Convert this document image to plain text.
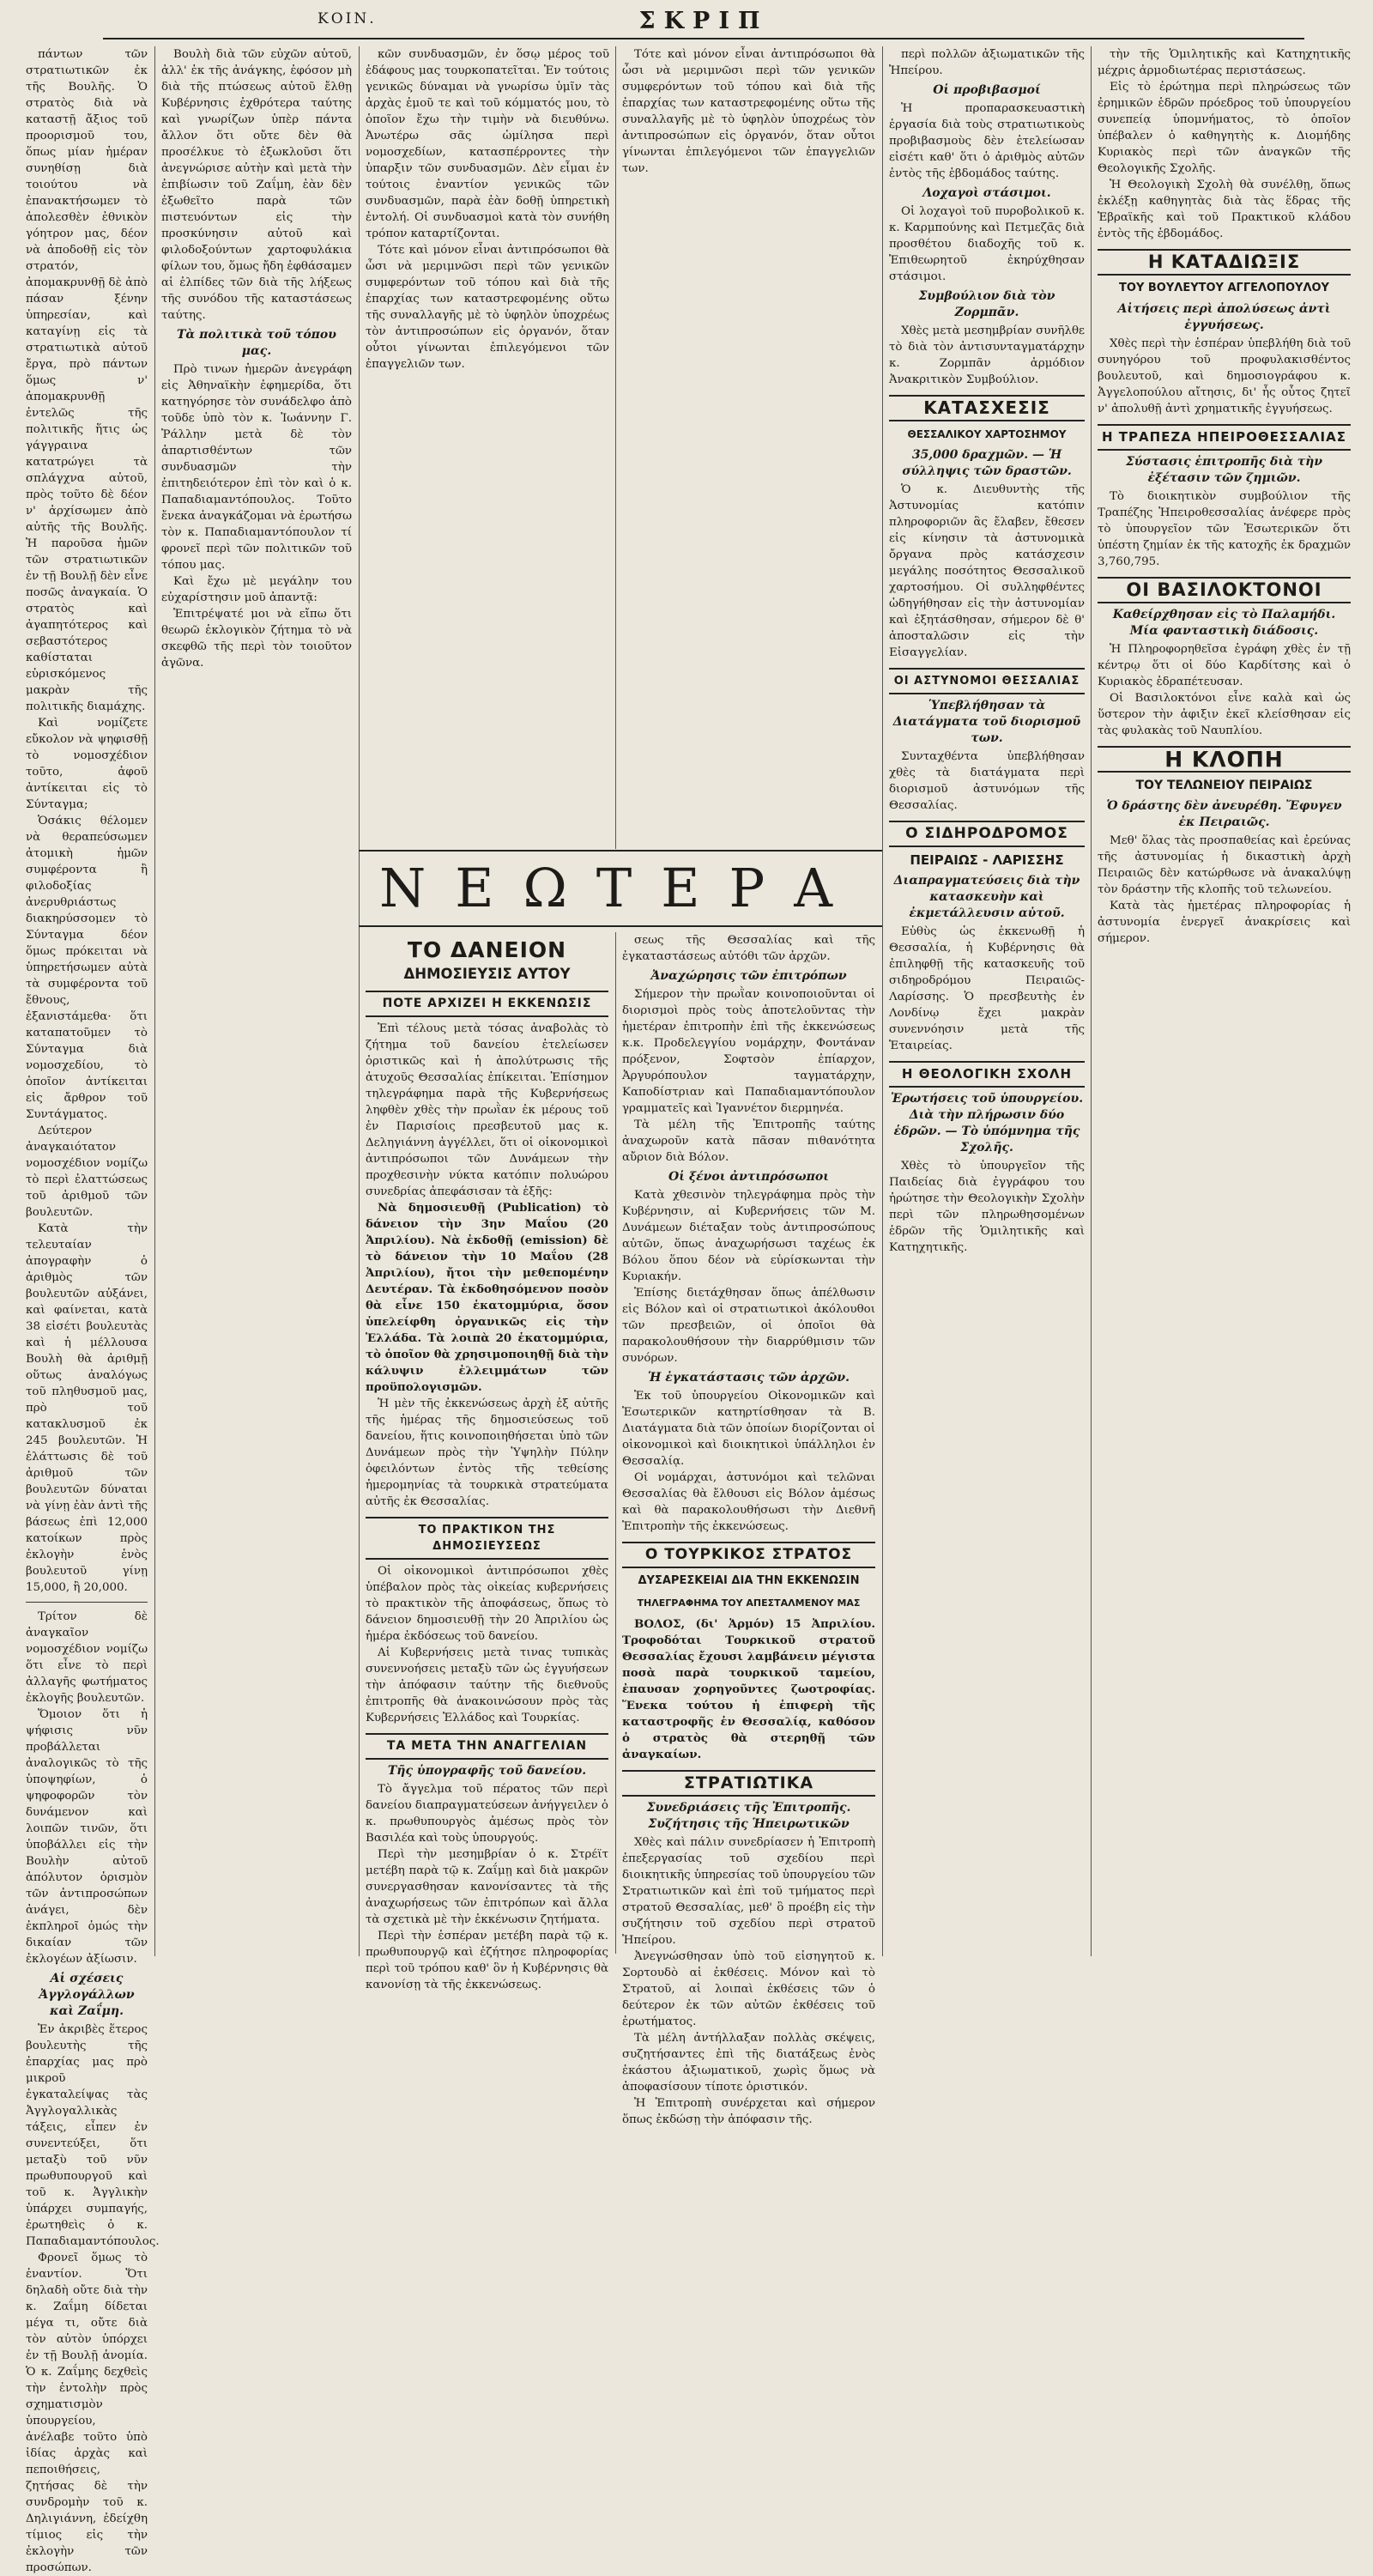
ΚΟΙΝ.	ΣΚΡΙΠ

πάντων τῶν στρατιωτικῶν ἐκ τῆς Βουλῆς. Ὁ στρατὸς διὰ νὰ καταστῇ ἄξιος τοῦ προορισμοῦ του, ὅπως μίαν ἡμέραν συνηθίσῃ διὰ τοιούτου νὰ ἐπανακτήσωμεν τὸ ἀπολεσθὲν ἐθνικὸν γόητρον μας, δέον νὰ ἀποδοθῇ εἰς τὸν στρατόν, ἀπομακρυνθῇ δὲ ἀπὸ πάσαν ξένην ὑπηρεσίαν, καὶ καταγίνῃ εἰς τὰ στρατιωτικὰ αὐτοῦ ἔργα, πρὸ πάντων ὅμως ν' ἀπομακρυνθῇ ἐντελῶς τῆς πολιτικῆς ἥτις ὡς γάγγραινα κατατρώγει τὰ σπλάγχνα αὐτοῦ, πρὸς τοῦτο δὲ δέον ν' ἀρχίσωμεν ἀπὸ αὐτῆς τῆς Βουλῆς. Ἡ παροῦσα ἡμῶν τῶν στρατιωτικῶν ἐν τῇ Βουλῇ δὲν εἶνε ποσῶς ἀναγκαία. Ὁ στρατὸς καὶ ἀγαπητότερος καὶ σεβαστότερος καθίσταται εὑρισκόμενος μακρὰν τῆς πολιτικῆς διαμάχης.

Καὶ νομίζετε εὔκολον νὰ ψηφισθῇ τὸ νομοσχέδιον τοῦτο, ἀφοῦ ἀντίκειται εἰς τὸ Σύνταγμα;

Ὁσάκις θέλομεν νὰ θεραπεύσωμεν ἀτομικὴ ἡμῶν συμφέροντα ἢ φιλοδοξίας ἀνερυθριάστως διακηρύσσομεν τὸ Σύνταγμα δέον ὅμως πρόκειται νὰ ὑπηρετήσωμεν αὐτὰ τὰ συμφέροντα τοῦ ἔθνους, ἐξανιστάμεθα· ὅτι καταπατοῦμεν τὸ Σύνταγμα διὰ νομοσχεδίου, τὸ ὁποῖον ἀντίκειται εἰς ἄρθρον τοῦ Συντάγματος.

Δεύτερον ἀναγκαιότατον νομοσχέδιον νομίζω τὸ περὶ ἐλαττώσεως τοῦ ἀριθμοῦ τῶν βουλευτῶν.

Κατὰ τὴν τελευταίαν ἀπογραφὴν ὁ ἀριθμὸς τῶν βουλευτῶν αὐξάνει, καὶ φαίνεται, κατὰ 38 εἰσέτι βουλευτὰς καὶ ἡ μέλλουσα Βουλὴ θὰ ἀριθμῇ οὕτως ἀναλόγως τοῦ πληθυσμοῦ μας, πρὸ τοῦ κατακλυσμοῦ ἐκ 245 βουλευτῶν. Ἡ ἐλάττωσις δὲ τοῦ ἀριθμοῦ τῶν βουλευτῶν δύναται νὰ γίνῃ ἐὰν ἀντὶ τῆς βάσεως ἐπὶ 12,000 κατοίκων πρὸς ἐκλογὴν ἑνὸς βουλευτοῦ γίνῃ 15,000, ἢ 20,000.

Τρίτον δὲ ἀναγκαῖον νομοσχέδιον νομίζω ὅτι εἶνε τὸ περὶ ἀλλαγῆς φωτήματος ἐκλογῆς βουλευτῶν.

Ὅμοιον ὅτι ἡ ψήφισις νῦν προβάλλεται ἀναλογικῶς τὸ τῆς ὑποψηφίων, ὁ ψηφοφορῶν τὸν δυνάμενον καὶ λοιπῶν τινῶν, ὅτι ὑποβάλλει εἰς τὴν Βουλὴν αὐτοῦ ἀπόλυτον ὁρισμὸν τῶν ἀντιπροσώπων ἀνάγει, δὲν ἐκπληροῖ ὁμώς τὴν δικαίαν τῶν ἐκλογέων ἀξίωσιν.

Αἱ σχέσεις Ἀγγλογάλλων καὶ Ζαΐμη.

Ἐν ἀκριβὲς ἕτερος βουλευτὴς τῆς ἐπαρχίας μας πρὸ μικροῦ ἐγκαταλείψας τὰς Ἀγγλογαλλικὰς τάξεις, εἶπεν ἐν συνεντεύξει, ὅτι μεταξὺ τοῦ νῦν πρωθυπουργοῦ καὶ τοῦ κ. Ἀγγλικὴν ὑπάρχει συμπαγής, ἐρωτηθεὶς ὁ κ. Παπαδιαμαντόπουλος.

Φρονεῖ ὅμως τὸ ἐναντίον. Ὅτι δηλαδὴ οὔτε διὰ τὴν κ. Ζαΐμη δίδεται μέγα τι, οὔτε διὰ τὸν αὐτὸν ὑπόρχει ἐν τῇ Βουλῇ ἀνομία. Ὁ κ. Ζαΐμης δεχθεὶς τὴν ἐντολὴν πρὸς σχηματισμὸν ὑπουργείου, ἀνέλαβε τοῦτο ὑπὸ ἰδίας ἀρχὰς καὶ πεποιθήσεις, ζητήσας δὲ τὴν συνδρομὴν τοῦ κ. Δηλιγιάννη, ἐδείχθη τίμιος εἰς τὴν ἐκλογὴν τῶν προσώπων.

Βουλὴ διὰ τῶν εὐχῶν αὐτοῦ, ἀλλ' ἐκ τῆς ἀνάγκης, ἐφόσον μὴ διὰ τῆς πτώσεως αὐτοῦ ἔλθῃ Κυβέρνησις ἐχθρότερα ταύτης καὶ γνωρίζων ὑπὲρ πάντα ἄλλον ὅτι οὔτε δὲν θὰ προσέλκυε τὸ ἐξωκλοῦσι ὅτι ἀνεγνώρισε αὐτὴν καὶ μετὰ τὴν ἐπιβίωσιν τοῦ Ζαΐμη, ἐὰν δὲν ἐξωθεῖτο παρὰ τῶν πιστευόντων εἰς τὴν προσκύνησιν αὐτοῦ καὶ φιλοδοξούντων χαρτοφυλάκια φίλων του, ὅμως ἤδη ἐφθάσαμεν αἱ ἐλπίδες τῶν διὰ τῆς λήξεως τῆς συνόδου τῆς καταστάσεως ταύτης.

Τὰ πολιτικὰ τοῦ τόπου μας.

Πρὸ τινων ἡμερῶν ἀνεγράφη εἰς Ἀθηναϊκὴν ἐφημερίδα, ὅτι κατηγόρησε τὸν συνάδελφο ἀπὸ τοῦδε ὑπὸ τὸν κ. Ἰωάννην Γ. Ῥάλλην μετὰ δὲ τὸν ἀπαρτισθέντων τῶν συνδυασμῶν τὴν ἐπιτηδειότερον ἐπὶ τὸν καὶ ὁ κ. Παπαδιαμαντόπουλος. Τοῦτο ἔνεκα ἀναγκάζομαι νὰ ἐρωτήσω τὸν κ. Παπαδιαμαντόπουλον τί φρονεῖ περὶ τῶν πολιτικῶν τοῦ τόπου μας.

Καὶ ἔχω μὲ μεγάλην του εὐχαρίστησιν μοῦ ἀπαντᾷ:

Ἐπιτρέψατέ μοι νὰ εἴπω ὅτι θεωρῶ ἐκλογικὸν ζήτημα τὸ νὰ σκεφθῶ τῆς περὶ τὸν τοιοῦτον ἀγῶνα.

κῶν συνδυασμῶν, ἐν ὅσῳ μέρος τοῦ ἐδάφους μας τουρκοπατεῖται. Ἐν τούτοις γενικῶς δύναμαι νὰ γνωρίσω ὑμῖν τὰς ἀρχὰς ἐμοῦ τε καὶ τοῦ κόμματός μου, τὸ ὁποῖον ἔχω τὴν τιμὴν νὰ διευθύνω. Ἀνωτέρω σᾶς ὡμίλησα περὶ νομοσχεδίων, κατασπέρροντες τὴν ὑπαρξιν τῶν συνδυασμῶν. Δὲν εἶμαι ἐν τούτοις ἐναντίον γενικῶς τῶν συνδυασμῶν, παρὰ ἐὰν δοθῇ ὑπηρετικὴ ἐντολή. Οἱ συνδυασμοὶ κατὰ τὸν συνήθη τρόπον καταρτίζονται.

Τότε καὶ μόνον εἶναι ἀντιπρόσωποι θὰ ὦσι νὰ μεριμνῶσι περὶ τῶν γενικῶν συμφερόντων τοῦ τόπου καὶ διὰ τῆς ἐπαρχίας των καταστρεφομένης οὕτω τῆς συναλλαγῆς μὲ τὸ ὑφηλὸν ὑποχρέως τὸν ἀντιπροσώπων εἰς ὀργανόν, ὅταν οὗτοι γίνωνται ἐπιλεγόμενοι τῶν ἐπαγγελιῶν των.

Τότε καὶ μόνον εἶναι ἀντιπρόσωποι θὰ ὦσι νὰ μεριμνῶσι περὶ τῶν γενικῶν συμφερόντων τοῦ τόπου καὶ διὰ τῆς ἐπαρχίας των καταστρεφομένης οὕτω τῆς συναλλαγῆς μὲ τὸ ὑφηλὸν ὑποχρέως τὸν ἀντιπροσώπων εἰς ὀργανόν, ὅταν οὗτοι γίνωνται ἐπιλεγόμενοι τῶν ἐπαγγελιῶν των.

ΝΕΩΤΕΡΑ
ΤΟ ΔΑΝΕΙΟΝ
ΔΗΜΟΣΙΕΥΣΙΣ ΑΥΤΟΥ
ΠΟΤΕ ΑΡΧΙΖΕΙ Η ΕΚΚΕΝΩΣΙΣ

Ἐπὶ τέλους μετὰ τόσας ἀναβολὰς τὸ ζήτημα τοῦ δανείου ἐτελείωσεν ὁριστικῶς καὶ ἡ ἀπολύτρωσις τῆς ἀτυχοῦς Θεσσαλίας ἐπίκειται. Ἐπίσημον τηλεγράφημα παρὰ τῆς Κυβερνήσεως ληφθὲν χθὲς τὴν πρωῒαν ἐκ μέρους τοῦ ἐν Παρισίοις πρεσβευτοῦ μας κ. Δεληγιάννη ἀγγέλλει, ὅτι οἱ οἰκονομικοὶ ἀντιπρόσωποι τῶν Δυνάμεων τὴν προχθεσινὴν νύκτα κατόπιν πολυώρου συνεδρίας ἀπεφάσισαν τὰ ἑξῆς:

Νὰ δημοσιευθῇ (Publication) τὸ δάνειον τὴν 3ην Μαΐου (20 Ἀπριλίου). Νὰ ἐκδοθῇ (emission) δὲ τὸ δάνειον τὴν 10 Μαΐου (28 Ἀπριλίου), ἤτοι τὴν μεθεπομένην Δευτέραν. Τὰ ἐκδοθησόμενον ποσὸν θὰ εἶνε 150 ἑκατομμύρια, ὅσον ὑπελείφθη ὀργανικῶς εἰς τὴν Ἑλλάδα. Τὰ λοιπὰ 20 ἑκατομμύρια, τὸ ὁποῖον θὰ χρησιμοποιηθῇ διὰ τὴν κάλυψιν ἐλλειμμάτων τῶν προϋπολογισμῶν.

Ἡ μὲν τῆς ἐκκενώσεως ἀρχὴ ἐξ αὐτῆς τῆς ἡμέρας τῆς δημοσιεύσεως τοῦ δανείου, ἥτις κοινοποιηθήσεται ὑπὸ τῶν Δυνάμεων πρὸς τὴν Ὑψηλὴν Πύλην ὀφειλόντων ἐντὸς τῆς τεθείσης ἡμερομηνίας τὰ τουρκικὰ στρατεύματα αὐτῆς ἐκ Θεσσαλίας.

ΤΟ ΠΡΑΚΤΙΚΟΝ ΤΗΣ ΔΗΜΟΣΙΕΥΣΕΩΣ

Οἱ οἰκονομικοὶ ἀντιπρόσωποι χθὲς ὑπέβαλον πρὸς τὰς οἰκείας κυβερνήσεις τὸ πρακτικὸν τῆς ἀποφάσεως, ὅπως τὸ δάνειον δημοσιευθῇ τὴν 20 Ἀπριλίου ὡς ἡμέρα ἐκδόσεως τοῦ δανείου.

Αἱ Κυβερνήσεις μετὰ τινας τυπικὰς συνεννοήσεις μεταξὺ τῶν ὡς ἐγγυήσεων τὴν ἀπόφασιν ταύτην τῆς διεθνοῦς ἐπιτροπῆς θὰ ἀνακοινώσουν πρὸς τὰς Κυβερνήσεις Ἑλλάδος καὶ Τουρκίας.

ΤΑ ΜΕΤΑ ΤΗΝ ΑΝΑΓΓΕΛΙΑΝ
Τῆς ὑπογραφῆς τοῦ δανείου.

Τὸ ἄγγελμα τοῦ πέρατος τῶν περὶ δανείου διαπραγματεύσεων ἀνήγγειλεν ὁ κ. πρωθυπουργὸς ἀμέσως πρὸς τὸν Βασιλέα καὶ τοὺς ὑπουργούς.

Περὶ τὴν μεσημβρίαν ὁ κ. Στρέϊτ μετέβη παρὰ τῷ κ. Ζαΐμῃ καὶ διὰ μακρῶν συνεργασθησαν κανονίσαντες τὰ τῆς ἀναχωρήσεως τῶν ἐπιτρόπων καὶ ἄλλα τὰ σχετικὰ μὲ τὴν ἐκκένωσιν ζητήματα.

Περὶ τὴν ἑσπέραν μετέβη παρὰ τῷ κ. πρωθυπουργῷ καὶ ἐζήτησε πληροφορίας περὶ τοῦ τρόπου καθ' ὃν ἡ Κυβέρνησις θὰ κανονίσῃ τὰ τῆς ἐκκενώσεως.

σεως τῆς Θεσσαλίας καὶ τῆς ἐγκαταστάσεως αὐτόθι τῶν ἀρχῶν.

Ἀναχώρησις τῶν ἐπιτρόπων

Σήμερον τὴν πρωῒαν κοινοποιοῦνται οἱ διορισμοὶ πρὸς τοὺς ἀποτελοῦντας τὴν ἡμετέραν ἐπιτροπὴν ἐπὶ τῆς ἐκκενώσεως κ.κ. Προδελεγγίου νομάρχην, Φοντάναν πρόξενον, Σοφτσὸν ἐπίαρχον, Ἀργυρόπουλον ταγματάρχην, Καποδίστριαν καὶ Παπαδιαμαντόπουλον γραμματεῖς καὶ Ἰγαννέτον διερμηνέα.

Τὰ μέλη τῆς Ἐπιτροπῆς ταύτης ἀναχωροῦν κατὰ πᾶσαν πιθανότητα αὔριον διὰ Βόλον.

Οἱ ξένοι ἀντιπρόσωποι

Κατὰ χθεσινὸν τηλεγράφημα πρὸς τὴν Κυβέρνησιν, αἱ Κυβερνήσεις τῶν Μ. Δυνάμεων διέταξαν τοὺς ἀντιπροσώπους αὐτῶν, ὅπως ἀναχωρήσωσι ταχέως ἐκ Βόλου ὅπου δέον νὰ εὑρίσκωνται τὴν Κυριακήν.

Ἐπίσης διετάχθησαν ὅπως ἀπέλθωσιν εἰς Βόλον καὶ οἱ στρατιωτικοὶ ἀκόλουθοι τῶν πρεσβειῶν, οἱ ὁποῖοι θὰ παρακολουθήσουν τὴν διαρρύθμισιν τῶν συνόρων.

Ἡ ἐγκατάστασις τῶν ἀρχῶν.

Ἐκ τοῦ ὑπουργείου Οἰκονομικῶν καὶ Ἐσωτερικῶν κατηρτίσθησαν τὰ Β. Διατάγματα διὰ τῶν ὁποίων διορίζονται οἱ οἰκονομικοὶ καὶ διοικητικοὶ ὑπάλληλοι ἐν Θεσσαλίᾳ.

Οἱ νομάρχαι, ἀστυνόμοι καὶ τελῶναι Θεσσαλίας θὰ ἔλθουσι εἰς Βόλον ἀμέσως καὶ θὰ παρακολουθήσωσι τὴν Διεθνῆ Ἐπιτροπὴν τῆς ἐκκενώσεως.

Ο ΤΟΥΡΚΙΚΟΣ ΣΤΡΑΤΟΣ
ΔΥΣΑΡΕΣΚΕΙΑΙ ΔΙΑ ΤΗΝ ΕΚΚΕΝΩΣΙΝ
ΤΗΛΕΓΡΑΦΗΜΑ ΤΟΥ ΑΠΕΣΤΑΛΜΕΝΟΥ ΜΑΣ

ΒΟΛΟΣ, (δι' Ἀρμόν) 15 Ἀπριλίου. Τροφοδόται Τουρκικοῦ στρατοῦ Θεσσαλίας ἔχουσι λαμβάνειν μέγιστα ποσὰ παρὰ τουρκικοῦ ταμείου, ἐπαυσαν χορηγοῦντες ζωοτροφίας. Ἕνεκα τούτου ἡ ἐπιφερὴ τῆς καταστροφῆς ἐν Θεσσαλίᾳ, καθόσον ὁ στρατὸς θὰ στερηθῇ τῶν ἀναγκαίων.

ΣΤΡΑΤΙΩΤΙΚΑ
Συνεδριάσεις τῆς Ἐπιτροπῆς. Συζήτησις τῆς Ἡπειρωτικῶν

Χθὲς καὶ πάλιν συνεδρίασεν ἡ Ἐπιτροπὴ ἐπεξεργασίας τοῦ σχεδίου περὶ διοικητικῆς ὑπηρεσίας τοῦ ὑπουργείου τῶν Στρατιωτικῶν καὶ ἐπὶ τοῦ τμήματος περὶ στρατοῦ Θεσσαλίας, μεθ' ὃ προέβη εἰς τὴν συζήτησιν τοῦ σχεδίου περὶ στρατοῦ Ἠπείρου.

Ἀνεγνώσθησαν ὑπὸ τοῦ εἰσηγητοῦ κ. Σορτουδὸ αἱ ἐκθέσεις. Μόνον καὶ τὸ Στρατοῦ, αἱ λοιπαὶ ἐκθέσεις τῶν ὁ δεύτερον ἐκ τῶν αὐτῶν ἐκθέσεις τοῦ ἐρωτήματος.

Τὰ μέλη ἀντήλλαξαν πολλὰς σκέψεις, συζητήσαντες ἐπὶ τῆς διατάξεως ἐνὸς ἑκάστου ἀξιωματικοῦ, χωρὶς ὅμως νὰ ἀποφασίσουν τίποτε ὁριστικόν.

Ἡ Ἐπιτροπὴ συνέρχεται καὶ σήμερον ὅπως ἐκδώσῃ τὴν ἀπόφασιν τῆς.

περὶ πολλῶν ἀξιωματικῶν τῆς Ἠπείρου.

Οἱ προβιβασμοί

Ἡ προπαρασκευαστικὴ ἐργασία διὰ τοὺς στρατιωτικοὺς προβιβασμοὺς δὲν ἐτελείωσαν εἰσέτι καθ' ὅτι ὁ ἀριθμὸς αὐτῶν ἐντὸς τῆς ἑβδομάδος ταύτης.

Λοχαγοὶ στάσιμοι.

Οἱ λοχαγοὶ τοῦ πυροβολικοῦ κ. κ. Καρμπούνης καὶ Πετμεζᾶς διὰ προσθέτου διαδοχῆς τοῦ κ. Ἐπιθεωρητοῦ ἐκηρύχθησαν στάσιμοι.

Συμβούλιον διὰ τὸν Ζορμπᾶν.

Χθὲς μετὰ μεσημβρίαν συνῆλθε τὸ διὰ τὸν ἀντισυνταγματάρχην κ. Ζορμπᾶν ἁρμόδιον Ἀνακριτικὸν Συμβούλιον.

ΚΑΤΑΣΧΕΣΙΣ
ΘΕΣΣΑΛΙΚΟΥ ΧΑΡΤΟΣΗΜΟΥ
35,000 δραχμῶν. — Ἡ σύλληψις τῶν δραστῶν.

Ὁ κ. Διευθυντὴς τῆς Ἀστυνομίας κατόπιν πληροφοριῶν ἃς ἔλαβεν, ἔθεσεν εἰς κίνησιν τὰ ἀστυνομικὰ ὄργανα πρὸς κατάσχεσιν μεγάλης ποσότητος Θεσσαλικοῦ χαρτοσήμου. Οἱ συλληφθέντες ὡδηγήθησαν εἰς τὴν ἀστυνομίαν καὶ ἐξητάσθησαν, σήμερον δὲ θ' ἀποσταλῶσιν εἰς τὴν Εἰσαγγελίαν.

ΟΙ ΑΣΤΥΝΟΜΟΙ ΘΕΣΣΑΛΙΑΣ
Ὑπεβλήθησαν τὰ Διατάγματα τοῦ διορισμοῦ των.

Συνταχθέντα ὑπεβλήθησαν χθὲς τὰ διατάγματα περὶ διορισμοῦ ἀστυνόμων τῆς Θεσσαλίας.

Ο ΣΙΔΗΡΟΔΡΟΜΟΣ
ΠΕΙΡΑΙΩΣ - ΛΑΡΙΣΣΗΣ
Διαπραγματεύσεις διὰ τὴν κατασκευὴν καὶ ἐκμετάλλευσιν αὐτοῦ.

Εὐθὺς ὡς ἐκκενωθῇ ἡ Θεσσαλία, ἡ Κυβέρνησις θὰ ἐπιληφθῇ τῆς κατασκευῆς τοῦ σιδηροδρόμου Πειραιῶς-Λαρίσσης. Ὁ πρεσβευτὴς ἐν Λονδίνῳ ἔχει μακρὰν συνεννόησιν μετὰ τῆς Ἑταιρείας.

Η ΘΕΟΛΟΓΙΚΗ ΣΧΟΛΗ
Ἐρωτήσεις τοῦ ὑπουργείου. Διὰ τὴν πλήρωσιν δύο ἑδρῶν. — Τὸ ὑπόμνημα τῆς Σχολῆς.

Χθὲς τὸ ὑπουργεῖον τῆς Παιδείας διὰ ἐγγράφου του ἠρώτησε τὴν Θεολογικὴν Σχολὴν περὶ τῶν πληρωθησομένων ἑδρῶν τῆς Ὁμιλητικῆς καὶ Κατηχητικῆς.

τὴν τῆς Ὁμιλητικῆς καὶ Κατηχητικῆς μέχρις ἀρμοδιωτέρας περιστάσεως.

Εἰς τὸ ἐρώτημα περὶ πληρώσεως τῶν ἐρημικῶν ἑδρῶν πρόεδρος τοῦ ὑπουργείου συνεπείᾳ ὑπομνήματος, τὸ ὁποῖον ὑπέβαλεν ὁ καθηγητὴς κ. Διομήδης Κυριακὸς περὶ τῶν ἀναγκῶν τῆς Θεολογικῆς Σχολῆς.

Ἡ Θεολογικὴ Σχολὴ θὰ συνέλθῃ, ὅπως ἐκλέξῃ καθηγητὰς διὰ τὰς ἕδρας τῆς Ἑβραϊκῆς καὶ τοῦ Πρακτικοῦ κλάδου ἐντὸς τῆς ἑβδομάδος.

Η ΚΑΤΑΔΙΩΞΙΣ
ΤΟΥ ΒΟΥΛΕΥΤΟΥ ΑΓΓΕΛΟΠΟΥΛΟΥ
Αἰτήσεις περὶ ἀπολύσεως ἀντὶ ἐγγυήσεως.

Χθὲς περὶ τὴν ἑσπέραν ὑπεβλήθη διὰ τοῦ συνηγόρου τοῦ προφυλακισθέντος βουλευτοῦ, καὶ δημοσιογράφου κ. Ἀγγελοπούλου αἴτησις, δι' ἧς οὗτος ζητεῖ ν' ἀπολυθῇ ἀντὶ χρηματικῆς ἐγγυήσεως.

Η ΤΡΑΠΕΖΑ ΗΠΕΙΡΟΘΕΣΣΑΛΙΑΣ
Σύστασις ἐπιτροπῆς διὰ τὴν ἐξέτασιν τῶν ζημιῶν.

Τὸ διοικητικὸν συμβούλιον τῆς Τραπέζης Ἠπειροθεσσαλίας ἀνέφερε πρὸς τὸ ὑπουργεῖον τῶν Ἐσωτερικῶν ὅτι ὑπέστη ζημίαν ἐκ τῆς κατοχῆς ἐκ δραχμῶν 3,760,795.

ΟΙ ΒΑΣΙΛΟΚΤΟΝΟΙ
Καθείρχθησαν εἰς τὸ Παλαμήδι. Μία φανταστικὴ διάδοσις.

Ἡ Πληροφορηθεῖσα ἐγράφη χθὲς ἐν τῇ κέντρῳ ὅτι οἱ δύο Καρδίτσης καὶ ὁ Κυριακὸς ἐδραπέτευσαν.

Οἱ Βασιλοκτόνοι εἶνε καλὰ καὶ ὡς ὕστερον τὴν ἀφιξιν ἐκεῖ κλείσθησαν εἰς τὰς φυλακὰς τοῦ Ναυπλίου.

Η ΚΛΟΠΗ
ΤΟΥ ΤΕΛΩΝΕΙΟΥ ΠΕΙΡΑΙΩΣ
Ὁ δράστης δὲν ἀνευρέθη. Ἔφυγεν ἐκ Πειραιῶς.

Μεθ' ὅλας τὰς προσπαθείας καὶ ἐρεύνας τῆς ἀστυνομίας ἡ δικαστικὴ ἀρχὴ Πειραιῶς δὲν κατώρθωσε νὰ ἀνακαλύψῃ τὸν δράστην τῆς κλοπῆς τοῦ τελωνείου.

Κατὰ τὰς ἡμετέρας πληροφορίας ἡ ἀστυνομία ἐνεργεῖ ἀνακρίσεις καὶ σήμερον.
